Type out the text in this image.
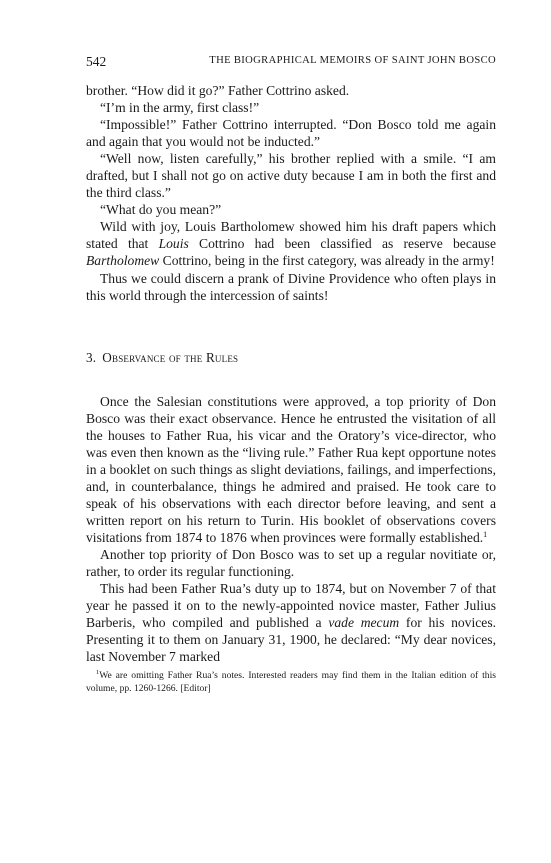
542	THE BIOGRAPHICAL MEMOIRS OF SAINT JOHN BOSCO

brother. “How did it go?” Father Cottrino asked.

“I’m in the army, first class!”

“Impossible!” Father Cottrino interrupted. “Don Bosco told me again and again that you would not be inducted.”

“Well now, listen carefully,” his brother replied with a smile. “I am drafted, but I shall not go on active duty because I am in both the first and the third class.”

“What do you mean?”

Wild with joy, Louis Bartholomew showed him his draft papers which stated that Louis Cottrino had been classified as reserve because Bartholomew Cottrino, being in the first category, was already in the army!

Thus we could discern a prank of Divine Providence who often plays in this world through the intercession of saints!

3. Observance of the Rules

Once the Salesian constitutions were approved, a top priority of Don Bosco was their exact observance. Hence he entrusted the visitation of all the houses to Father Rua, his vicar and the Oratory’s vice-director, who was even then known as the “living rule.” Father Rua kept opportune notes in a booklet on such things as slight deviations, failings, and imperfections, and, in counterbalance, things he admired and praised. He took care to speak of his observations with each director before leaving, and sent a written report on his return to Turin. His booklet of observations covers visitations from 1874 to 1876 when provinces were formally established.$^1$

Another top priority of Don Bosco was to set up a regular novitiate or, rather, to order its regular functioning.

This had been Father Rua’s duty up to 1874, but on November 7 of that year he passed it on to the newly-appointed novice master, Father Julius Barberis, who compiled and published a vade mecum for his novices. Presenting it to them on January 31, 1900, he declared: “My dear novices, last November 7 marked

$^1$We are omitting Father Rua’s notes. Interested readers may find them in the Italian edition of this volume, pp. 1260-1266. [Editor]
